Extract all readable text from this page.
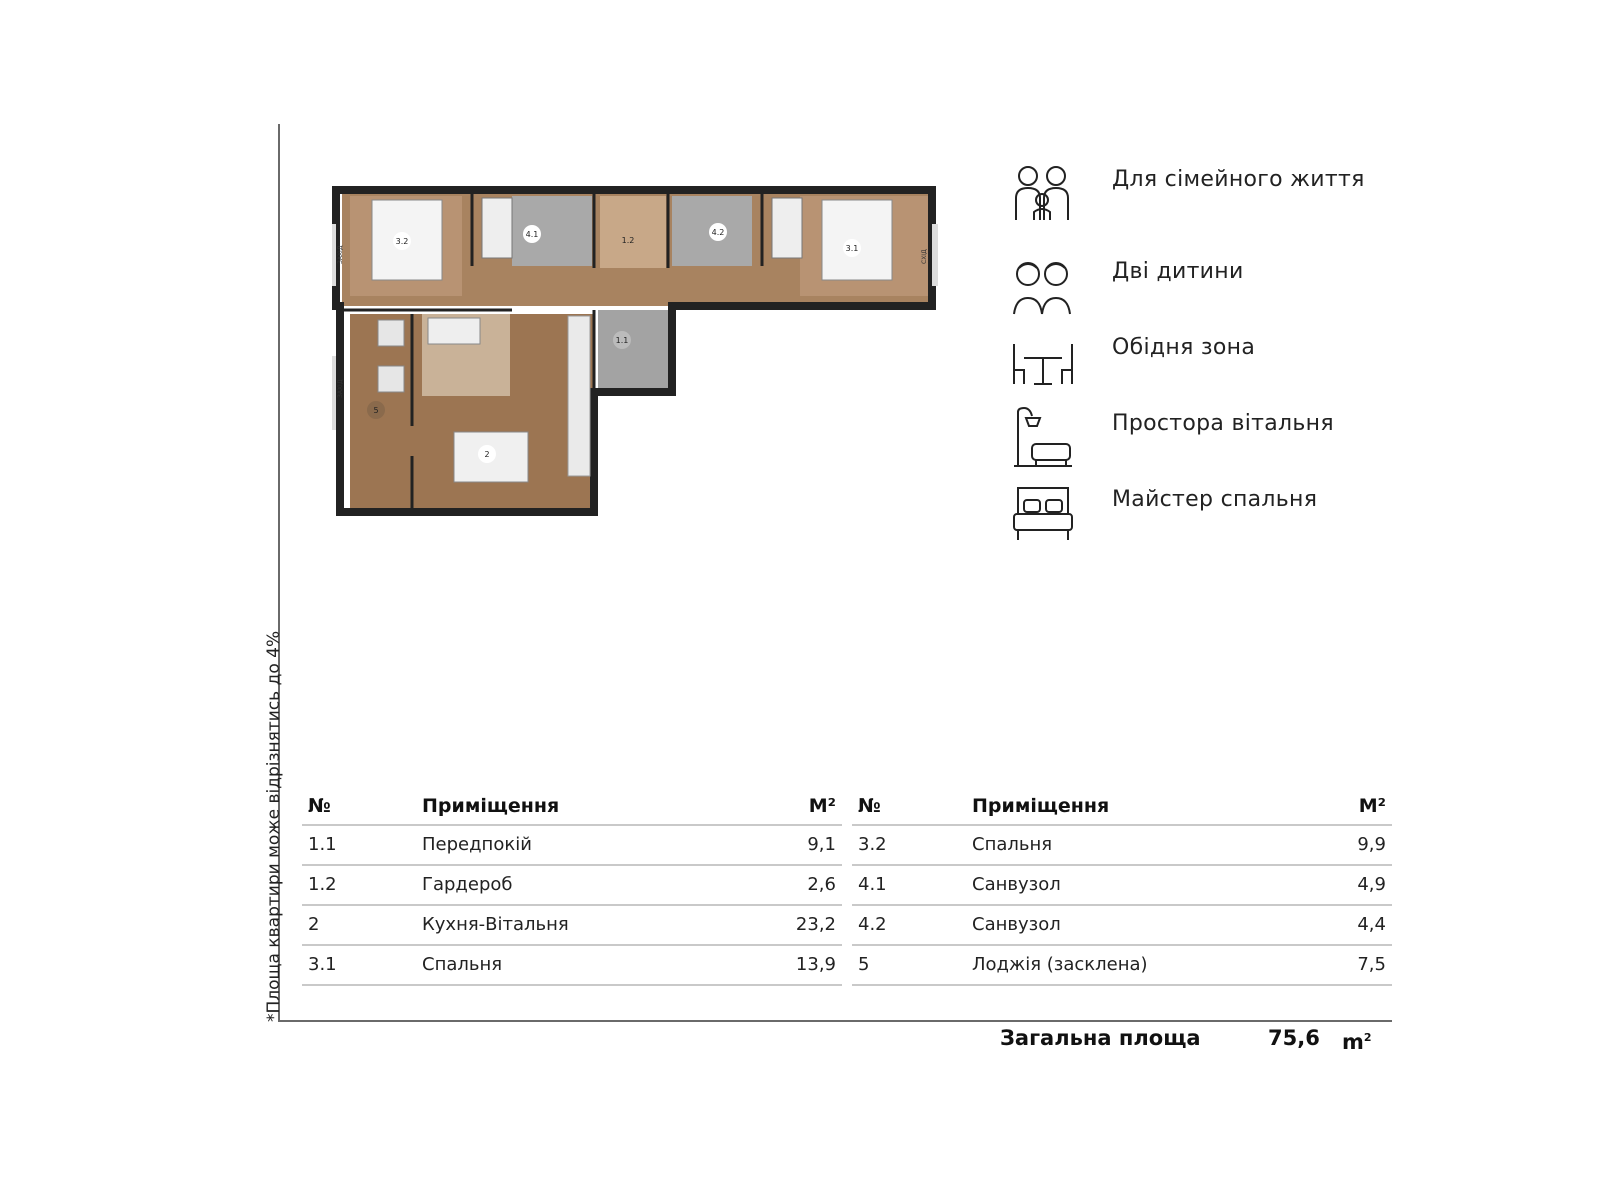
*Площа квартири може відрізнятись до 4%
3.2
4.1
1.2
4.2
3.1
1.1
5
2
ЗАХІД
ЗАХІД
СХІД
Для сімейного життя
Дві дитини
Обідня зона
Простора вітальня
Майстер спальня
№	Приміщення	М²
1.1	Передпокій	9,1
1.2	Гардероб	2,6
2	Кухня-Вітальня	23,2
3.1	Спальня	13,9
№	Приміщення	М²
3.2	Спальня	9,9
4.1	Санвузол	4,9
4.2	Санвузол	4,4
5	Лоджія (засклена)	7,5
Загальна площа	75,6 $m^2$
